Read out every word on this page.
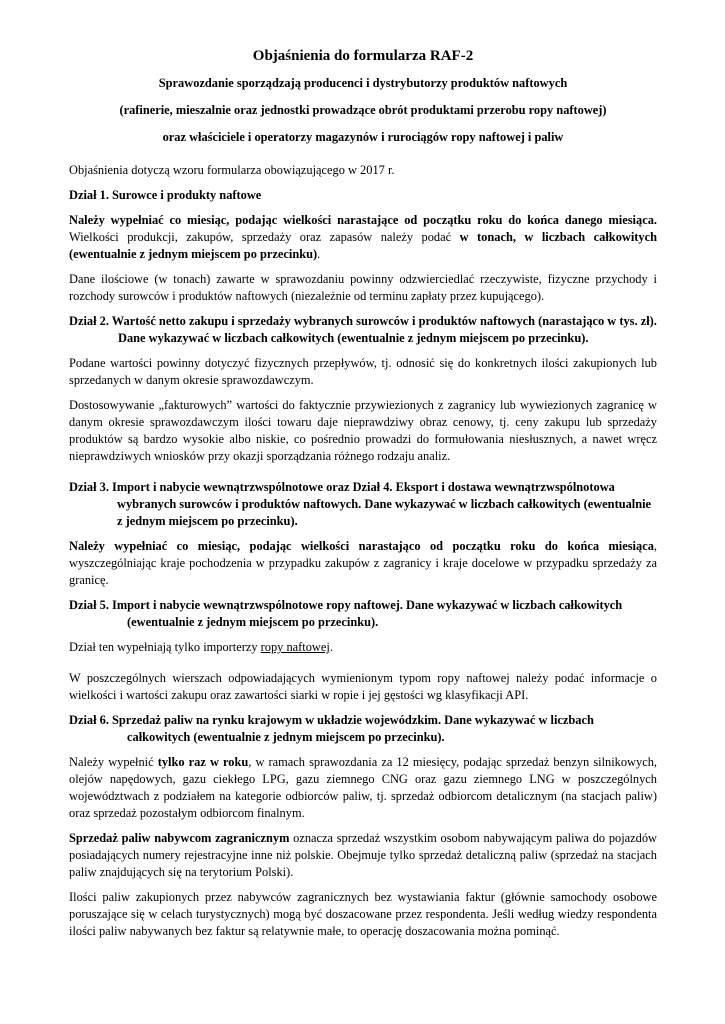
Objaśnienia do formularza RAF-2
Sprawozdanie sporządzają producenci i dystrybutorzy produktów naftowych
(rafinerie, mieszalnie oraz jednostki prowadzące obrót produktami przerobu ropy naftowej)
oraz właściciele i operatorzy magazynów i rurociągów ropy naftowej i paliw

Objaśnienia dotyczą wzoru formularza obowiązującego w 2017 r.

Dział 1. Surowce i produkty naftowe

Należy wypełniać co miesiąc, podając wielkości narastające od początku roku do końca danego miesiąca. Wielkości produkcji, zakupów, sprzedaży oraz zapasów należy podać w tonach, w liczbach całkowitych (ewentualnie z jednym miejscem po przecinku).

Dane ilościowe (w tonach) zawarte w sprawozdaniu powinny odzwierciedlać rzeczywiste, fizyczne przychody i rozchody surowców i produktów naftowych (niezależnie od terminu zapłaty przez kupującego).

Dział 2. Wartość netto zakupu i sprzedaży wybranych surowców i produktów naftowych (narastająco w tys. zł). Dane wykazywać w liczbach całkowitych (ewentualnie z jednym miejscem po przecinku).

Podane wartości powinny dotyczyć fizycznych przepływów, tj. odnosić się do konkretnych ilości zakupionych lub sprzedanych w danym okresie sprawozdawczym.

Dostosowywanie „fakturowych” wartości do faktycznie przywiezionych z zagranicy lub wywiezionych zagranicę w danym okresie sprawozdawczym ilości towaru daje nieprawdziwy obraz cenowy, tj. ceny zakupu lub sprzedaży produktów są bardzo wysokie albo niskie, co pośrednio prowadzi do formułowania niesłusznych, a nawet wręcz nieprawdziwych wniosków przy okazji sporządzania różnego rodzaju analiz.

Dział 3. Import i nabycie wewnątrzwspólnotowe oraz Dział 4. Eksport i dostawa wewnątrzwspólnotowa wybranych surowców i produktów naftowych. Dane wykazywać w liczbach całkowitych (ewentualnie z jednym miejscem po przecinku).

Należy wypełniać co miesiąc, podając wielkości narastająco od początku roku do końca miesiąca, wyszczególniając kraje pochodzenia w przypadku zakupów z zagranicy i kraje docelowe w przypadku sprzedaży za granicę.

Dział 5. Import i nabycie wewnątrzwspólnotowe ropy naftowej. Dane wykazywać w liczbach całkowitych (ewentualnie z jednym miejscem po przecinku).

Dział ten wypełniają tylko importerzy ropy naftowej.

W poszczególnych wierszach odpowiadających wymienionym typom ropy naftowej należy podać informacje o wielkości i wartości zakupu oraz zawartości siarki w ropie i jej gęstości wg klasyfikacji API.

Dział 6. Sprzedaż paliw na rynku krajowym w układzie wojewódzkim. Dane wykazywać w liczbach całkowitych (ewentualnie z jednym miejscem po przecinku).

Należy wypełnić tylko raz w roku, w ramach sprawozdania za 12 miesięcy, podając sprzedaż benzyn silnikowych, olejów napędowych, gazu ciekłego LPG, gazu ziemnego CNG oraz gazu ziemnego LNG w poszczególnych województwach z podziałem na kategorie odbiorców paliw, tj. sprzedaż odbiorcom detalicznym (na stacjach paliw) oraz sprzedaż pozostałym odbiorcom finalnym.

Sprzedaż paliw nabywcom zagranicznym oznacza sprzedaż wszystkim osobom nabywającym paliwa do pojazdów posiadających numery rejestracyjne inne niż polskie. Obejmuje tylko sprzedaż detaliczną paliw (sprzedaż na stacjach paliw znajdujących się na terytorium Polski).

Ilości paliw zakupionych przez nabywców zagranicznych bez wystawiania faktur (głównie samochody osobowe poruszające się w celach turystycznych) mogą być doszacowane przez respondenta. Jeśli według wiedzy respondenta ilości paliw nabywanych bez faktur są relatywnie małe, to operację doszacowania można pominąć.
